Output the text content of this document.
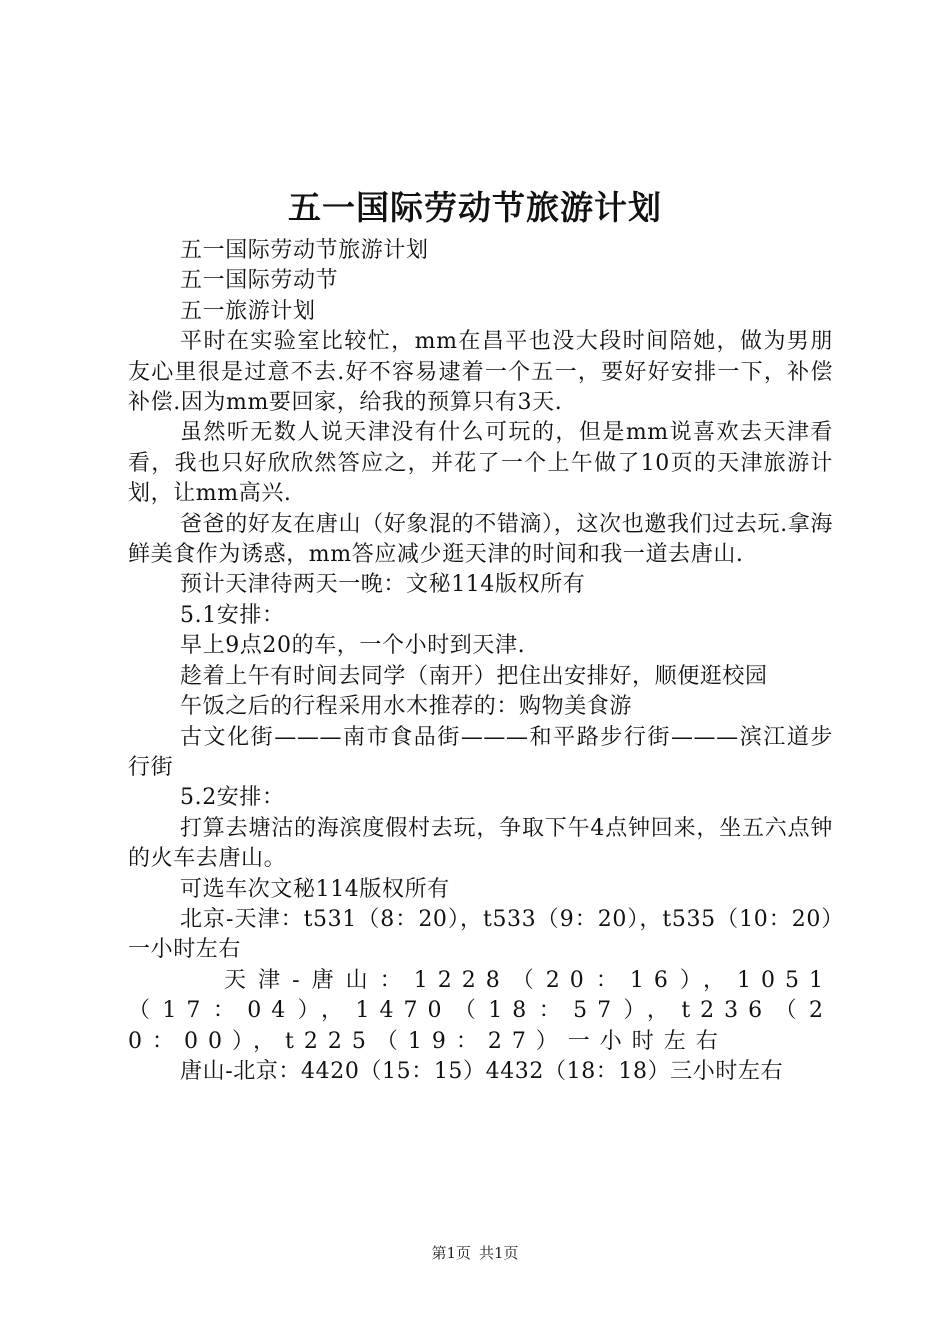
五一国际劳动节旅游计划

五一国际劳动节旅游计划

五一国际劳动节

五一旅游计划

平时在实验室比较忙，mm在昌平也没大段时间陪她，做为男朋友心里很是过意不去.好不容易逮着一个五一，要好好安排一下，补偿补偿.因为mm要回家，给我的预算只有3天.

虽然听无数人说天津没有什么可玩的，但是mm说喜欢去天津看看，我也只好欣欣然答应之，并花了一个上午做了10页的天津旅游计划，让mm高兴.

爸爸的好友在唐山（好象混的不错滴），这次也邀我们过去玩.拿海鲜美食作为诱惑，mm答应减少逛天津的时间和我一道去唐山.

预计天津待两天一晚：文秘114版权所有

5.1安排：

早上9点20的车，一个小时到天津.

趁着上午有时间去同学（南开）把住出安排好，顺便逛校园

午饭之后的行程采用水木推荐的：购物美食游

古文化街———南市食品街———和平路步行街———滨江道步行街

5.2安排：

打算去塘沽的海滨度假村去玩，争取下午4点钟回来，坐五六点钟的火车去唐山。

可选车次文秘114版权所有

北京-天津：t531（8：20），t533（9：20），t535（10：20）一小时左右

天津-唐山：1228（20：16），1051（17：04），1470（18：57），t236（20：00），t225（19：27）一小时左右

唐山-北京：4420（15：15）4432（18：18）三小时左右

第1页 共1页
